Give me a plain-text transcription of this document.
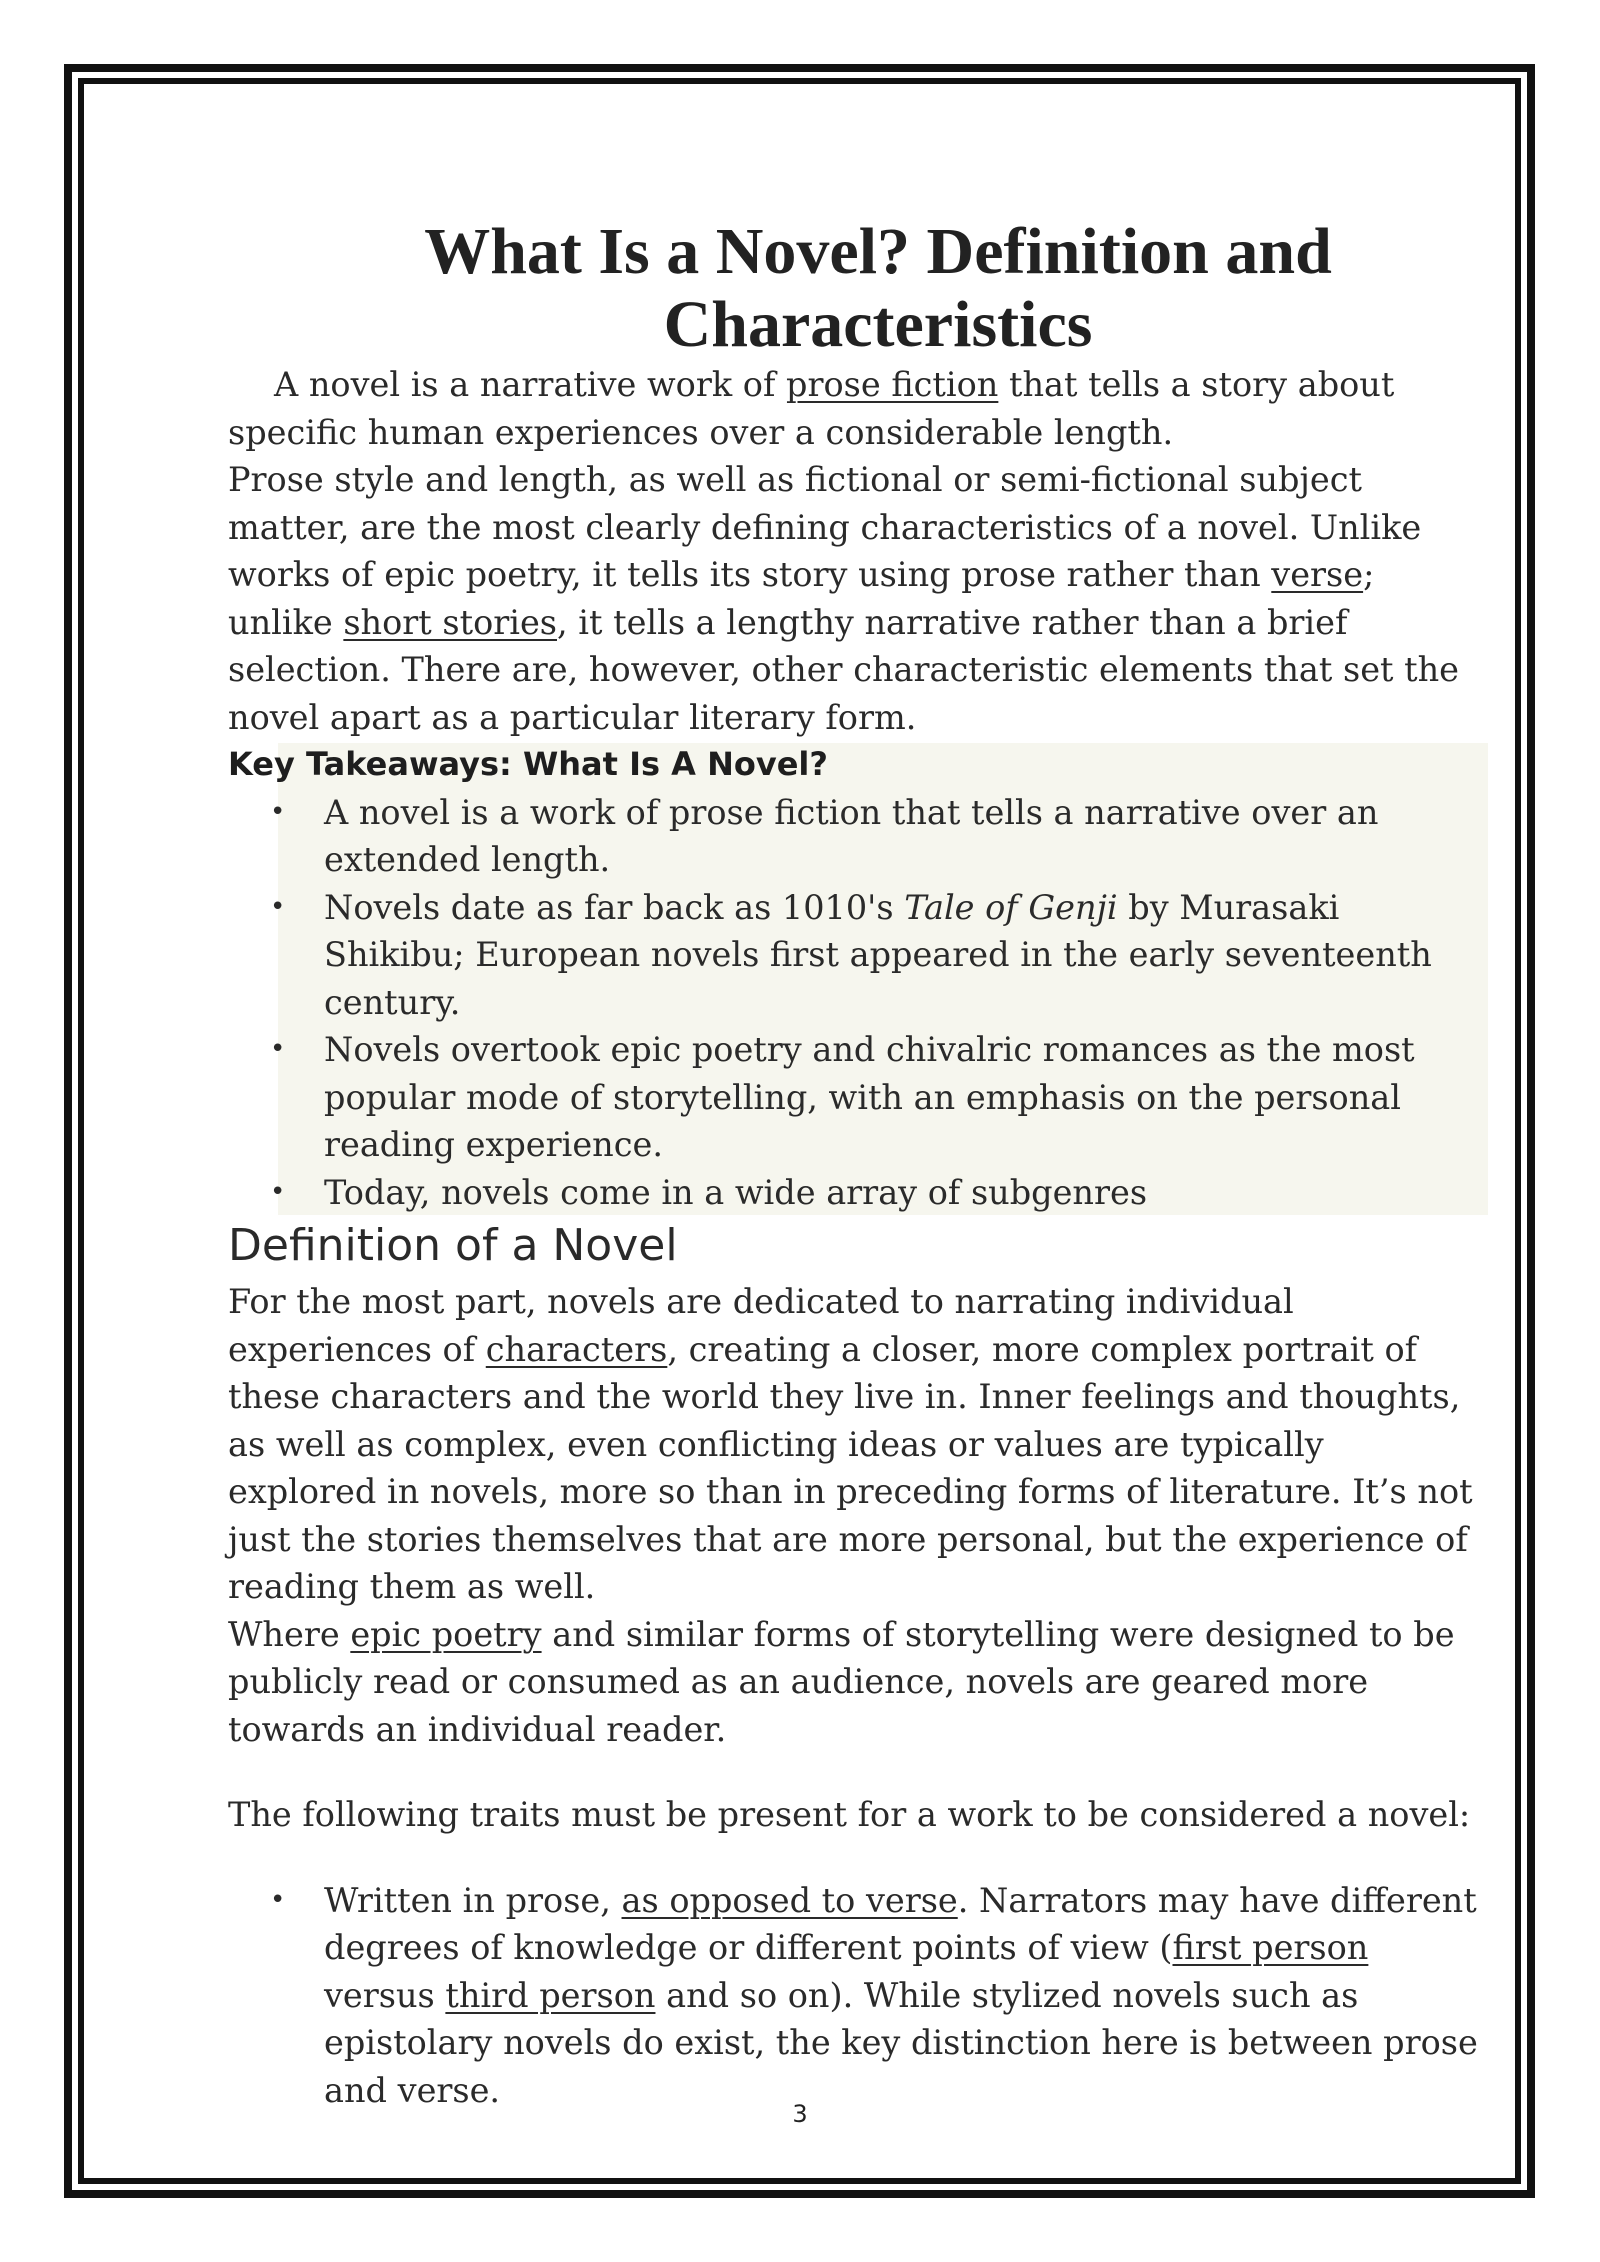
What Is a Novel? Definition and Characteristics

A novel is a narrative work of prose fiction that tells a story about specific human experiences over a considerable length.

Prose style and length, as well as fictional or semi-fictional subject matter, are the most clearly defining characteristics of a novel. Unlike works of epic poetry, it tells its story using prose rather than verse; unlike short stories, it tells a lengthy narrative rather than a brief selection. There are, however, other characteristic elements that set the novel apart as a particular literary form.

Key Takeaways: What Is A Novel?
• A novel is a work of prose fiction that tells a narrative over an extended length.
• Novels date as far back as 1010's Tale of Genji by Murasaki Shikibu; European novels first appeared in the early seventeenth century.
• Novels overtook epic poetry and chivalric romances as the most popular mode of storytelling, with an emphasis on the personal reading experience.
• Today, novels come in a wide array of subgenres
Definition of a Novel

For the most part, novels are dedicated to narrating individual experiences of characters, creating a closer, more complex portrait of these characters and the world they live in. Inner feelings and thoughts, as well as complex, even conflicting ideas or values are typically explored in novels, more so than in preceding forms of literature. It’s not just the stories themselves that are more personal, but the experience of reading them as well.

Where epic poetry and similar forms of storytelling were designed to be publicly read or consumed as an audience, novels are geared more towards an individual reader.

The following traits must be present for a work to be considered a novel:

• Written in prose, as opposed to verse. Narrators may have different degrees of knowledge or different points of view (first person versus third person and so on). While stylized novels such as epistolary novels do exist, the key distinction here is between prose and verse.
3
